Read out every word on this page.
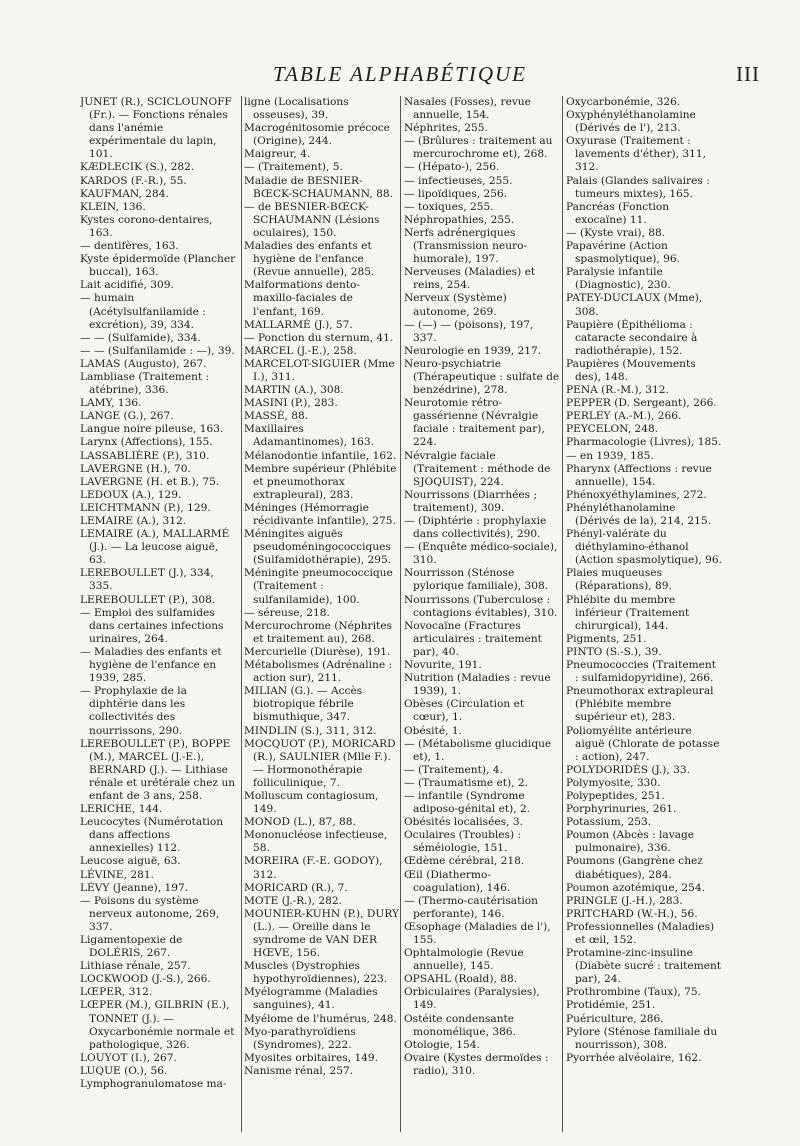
TABLE ALPHABÉTIQUE	III

JUNET (R.), SCICLOUNOFF (Fr.). — Fonctions rénales dans l'anémie expérimentale du lapin, 101.

KÆDLECIK (S.), 282.

KARDOS (F.-R.), 55.

KAUFMAN, 284.

KLEIN, 136.

Kystes corono-dentaires, 163.

— dentifères, 163.

Kyste épidermoïde (Plancher buccal), 163.

Lait acidifié, 309.

— humain (Acétylsulfanilamide : excrétion), 39, 334.

— — (Sulfamide), 334.

— — (Sulfanilamide : —), 39.

LAMAS (Augusto), 267.

Lambliase (Traitement : atébrine), 336.

LAMY, 136.

LANGE (G.), 267.

Langue noire pileuse, 163.

Larynx (Affections), 155.

LASSABLIÈRE (P.), 310.

LAVERGNE (H.), 70.

LAVERGNE (H. et B.), 75.

LEDOUX (A.), 129.

LEICHTMANN (P.), 129.

LEMAIRE (A.), 312.

LEMAIRE (A.), MALLARMÉ (J.). — La leucose aiguë, 63.

LEREBOULLET (J.), 334, 335.

LEREBOULLET (P.), 308.

— Emploi des sulfamides dans certaines infections urinaires, 264.

— Maladies des enfants et hygiène de l'enfance en 1939, 285.

— Prophylaxie de la diphtérie dans les collectivités des nourrissons, 290.

LEREBOULLET (P.), BOPPE (M.), MARCEL (J.-E.), BERNARD (J.). — Lithiase rénale et urétérale chez un enfant de 3 ans, 258.

LERICHE, 144.

Leucocytes (Numérotation dans affections annexielles) 112.

Leucose aiguë, 63.

LÉVINE, 281.

LÉVY (Jeanne), 197.

— Poisons du système nerveux autonome, 269, 337.

Ligamentopexie de DOLÉRIS, 267.

Lithiase rénale, 257.

LOCKWOOD (J.-S.), 266.

LŒPER, 312.

LŒPER (M.), GILBRIN (E.), TONNET (J.). — Oxycarbonémie normale et pathologique, 326.

LOUYOT (I.), 267.

LUQUE (O.), 56.

Lymphogranulomatose ma-

ligne (Localisations osseuses), 39.

Macrogénitosomie précoce (Origine), 244.

Maigreur, 4.

— (Traitement), 5.

Maladie de BESNIER-BŒCK-SCHAUMANN, 88.

— de BESNIER-BŒCK-SCHAUMANN (Lésions oculaires), 150.

Maladies des enfants et hygiène de l'enfance (Revue annuelle), 285.

Malformations dento-maxillo-faciales de l'enfant, 169.

MALLARMÉ (J.), 57.

— Ponction du sternum, 41.

MARCEL (J.-E.), 258.

MARCELOT-SIGUIER (Mme I.), 311.

MARTIN (A.), 308.

MASINI (P.), 283.

MASSÉ, 88.

Maxillaires Adamantinomes), 163.

Mélanodontie infantile, 162.

Membre supérieur (Phlébite et pneumothorax extrapleural), 283.

Méninges (Hémorragie récidivante infantile), 275.

Méningites aiguës pseudoméningococciques (Sulfamidothérapie), 295.

Méningite pneumococcique (Traitement : sulfanilamide), 100.

— séreuse, 218.

Mercurochrome (Néphrites et traitement au), 268.

Mercurielle (Diurèse), 191.

Métabolismes (Adrénaline : action sur), 211.

MILIAN (G.). — Accès biotropique fébrile bismuthique, 347.

MINDLIN (S.), 311, 312.

MOCQUOT (P.), MORICARD (R.), SAULNIER (Mlle F.). — Hormonothérapie folliculinique, 7.

Molluscum contagiosum, 149.

MONOD (L.), 87, 88.

Mononucléose infectieuse, 58.

MOREIRA (F.-E. GODOY), 312.

MORICARD (R.), 7.

MOTE (J.-R.), 282.

MOUNIER-KUHN (P.), DURY (L.). — Oreille dans le syndrome de VAN DER HŒVE, 156.

Muscles (Dystrophies hypothyroïdiennes), 223.

Myélogramme (Maladies sanguines), 41.

Myélome de l'humérus, 248.

Myo-parathyroïdiens (Syndromes), 222.

Myosites orbitaires, 149.

Nanisme rénal, 257.

Nasales (Fosses), revue annuelle, 154.

Néphrites, 255.

— (Brûlures : traitement au mercurochrome et), 268.

— (Hépato-), 256.

— infectieuses, 255.

— lipoïdiques, 256.

— toxiques, 255.

Néphropathies, 255.

Nerfs adrénergiques (Transmission neuro-humorale), 197.

Nerveuses (Maladies) et reins, 254.

Nerveux (Système) autonome, 269.

— (—) — (poisons), 197, 337.

Neurologie en 1939, 217.

Neuro-psychiatrie (Thérapeutique : sulfate de benzédrine), 278.

Neurotomie rétro-gassérienne (Névralgie faciale : traitement par), 224.

Névralgie faciale (Traitement : méthode de SJOQUIST), 224.

Nourrissons (Diarrhées ; traitement), 309.

— (Diphtérie : prophylaxie dans collectivités), 290.

— (Enquête médico-sociale), 310.

Nourrisson (Sténose pylorique familiale), 308.

Nourrissons (Tuberculose : contagions évitables), 310.

Novocaïne (Fractures articulaires : traitement par), 40.

Novurite, 191.

Nutrition (Maladies : revue 1939), 1.

Obèses (Circulation et cœur), 1.

Obésité, 1.

— (Métabolisme glucidique et), 1.

— (Traitement), 4.

— (Traumatisme et), 2.

— infantile (Syndrome adiposo-génital et), 2.

Obésités localisées, 3.

Oculaires (Troubles) : séméiologie, 151.

Œdème cérébral, 218.

Œil (Diathermo-coagulation), 146.

— (Thermo-cautérisation perforante), 146.

Œsophage (Maladies de l'), 155.

Ophtalmologie (Revue annuelle), 145.

OPSAHL (Roald), 88.

Orbiculaires (Paralysies), 149.

Ostéite condensante monomélique, 386.

Otologie, 154.

Ovaire (Kystes dermoïdes : radio), 310.

Oxycarbonémie, 326.

Oxyphényléthanolamine (Dérivés de l'), 213.

Oxyurase (Traitement : lavements d'éther), 311, 312.

Palais (Glandes salivaires : tumeurs mixtes), 165.

Pancréas (Fonction exocaïne) 11.

— (Kyste vrai), 88.

Papavérine (Action spasmolytique), 96.

Paralysie infantile (Diagnostic), 230.

PATEY-DUCLAUX (Mme), 308.

Paupière (Épithélioma : cataracte secondaire à radiothérapie), 152.

Paupières (Mouvements des), 148.

PENA (R.-M.), 312.

PEPPER (D. Sergeant), 266.

PERLEY (A.-M.), 266.

PEYCELON, 248.

Pharmacologie (Livres), 185.

— en 1939, 185.

Pharynx (Affections : revue annuelle), 154.

Phénoxyéthylamines, 272.

Phényléthanolamine (Dérivés de la), 214, 215.

Phényl-valérate du diéthylamino-éthanol (Action spasmolytique), 96.

Plaies muqueuses (Réparations), 89.

Phlébite du membre inférieur (Traitement chirurgical), 144.

Pigments, 251.

PINTO (S.-S.), 39.

Pneumococcies (Traitement : sulfamidopyridine), 266.

Pneumothorax extrapleural (Phlébite membre supérieur et), 283.

Poliomyélite antérieure aiguë (Chlorate de potasse : action), 247.

POLYDORIDÈS (J.), 33.

Polymyosite, 330.

Polypeptides, 251.

Porphyrinuries, 261.

Potassium, 253.

Poumon (Abcès : lavage pulmonaire), 336.

Poumons (Gangrène chez diabétiques), 284.

Poumon azotémique, 254.

PRINGLE (J.-H.), 283.

PRITCHARD (W.-H.), 56.

Professionnelles (Maladies) et œil, 152.

Protamine-zinc-insuline (Diabète sucré : traitement par), 24.

Prothrombine (Taux), 75.

Protidémie, 251.

Puériculture, 286.

Pylore (Sténose familiale du nourrisson), 308.

Pyorrhée alvéolaire, 162.
